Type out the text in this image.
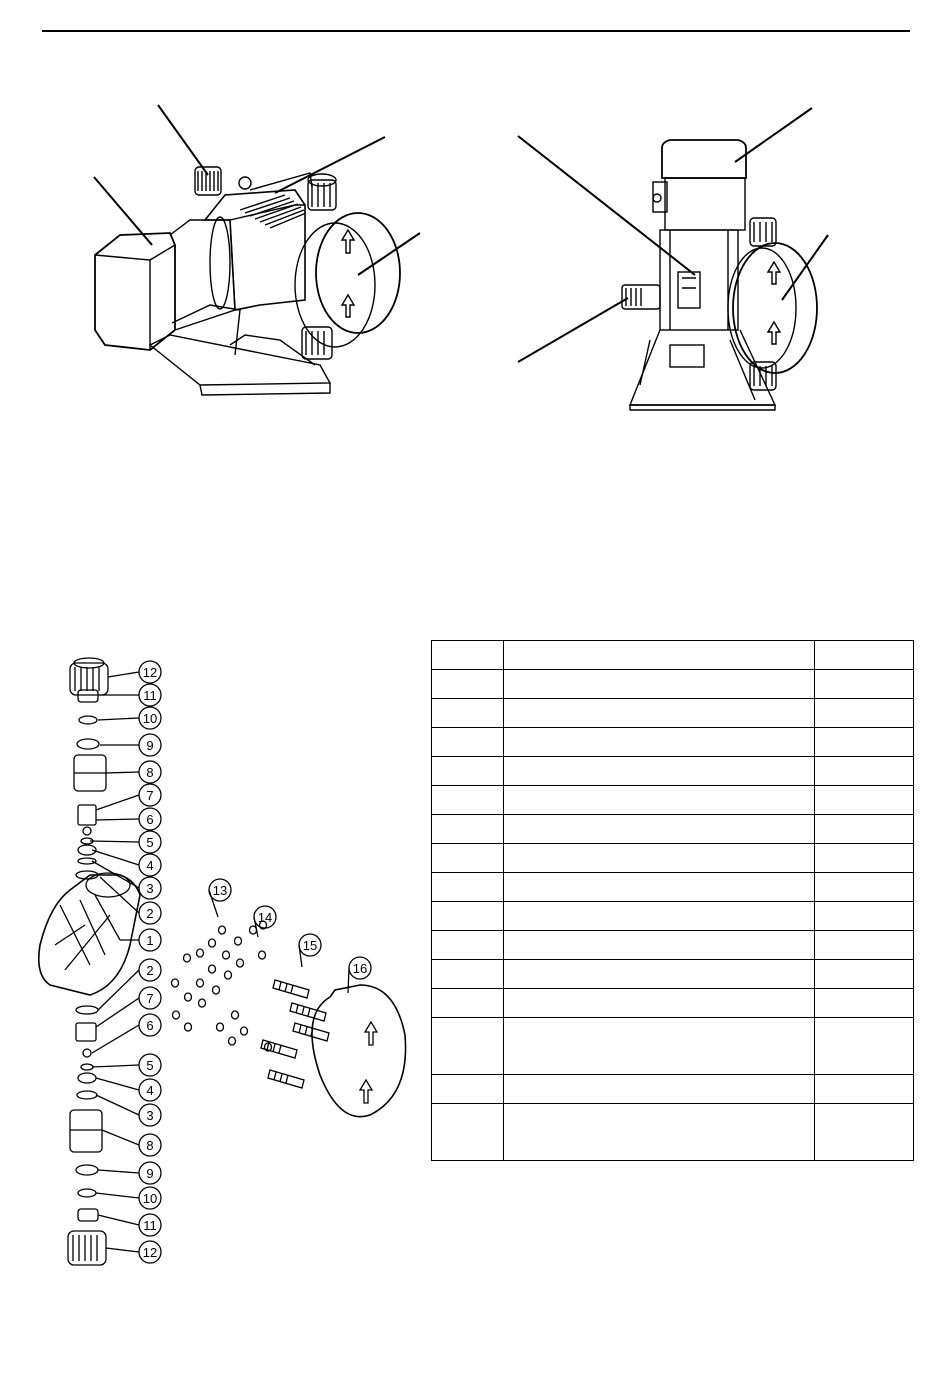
12
11
10
9
8
7
6
5
4
3
2
1
2
7
6
5
4
3
8
9
10
11
12
13
14
15
16
